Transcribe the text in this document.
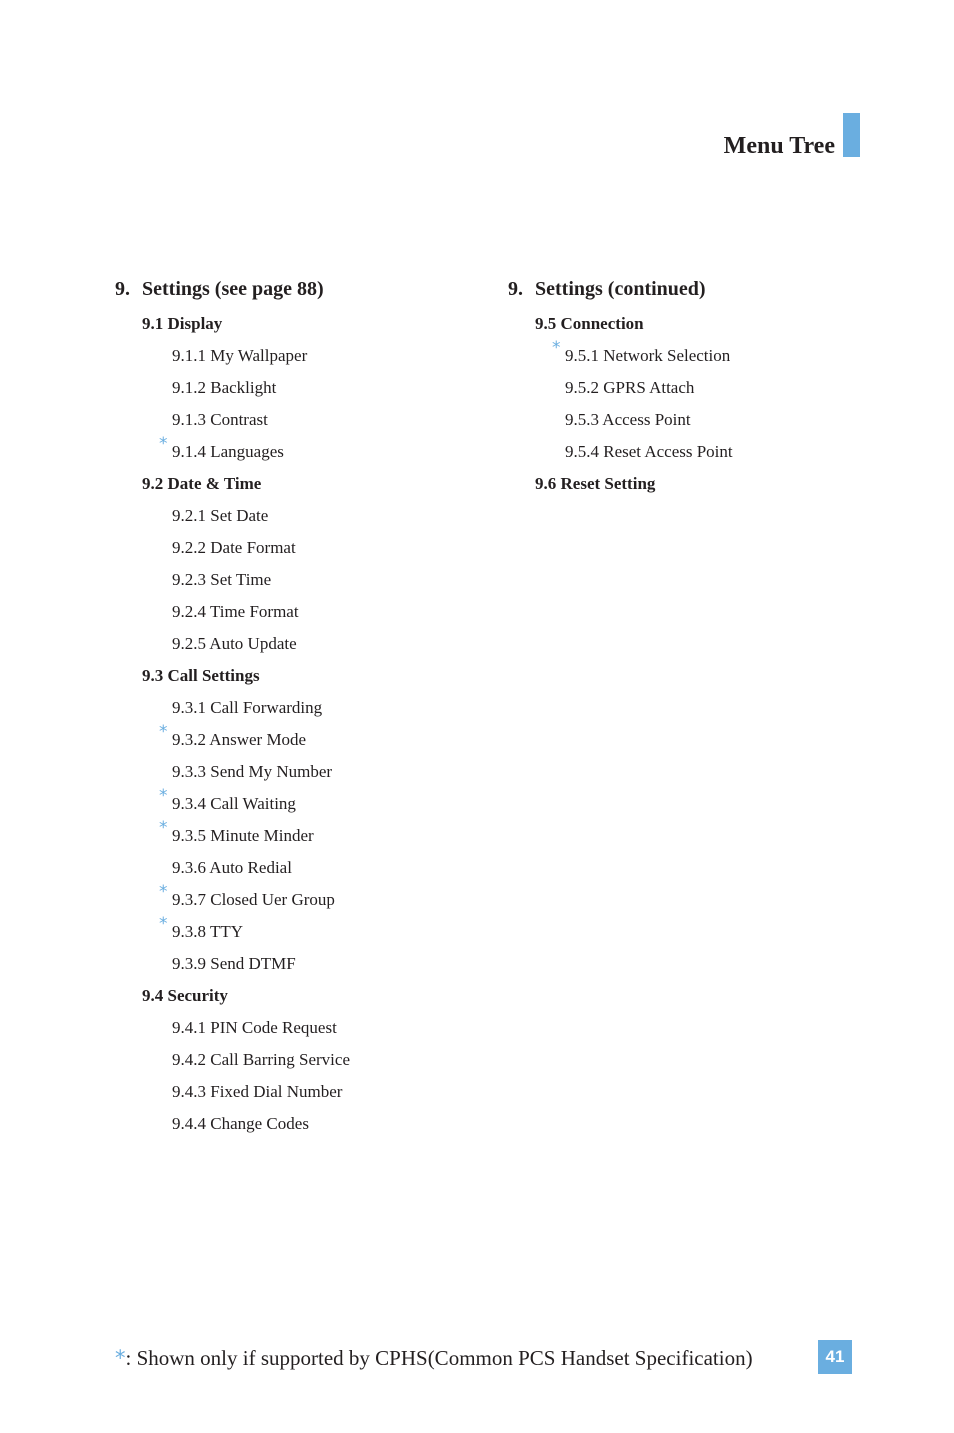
Menu Tree
9. Settings (see page 88)
9.1 Display
9.1.1 My Wallpaper
9.1.2 Backlight
9.1.3 Contrast
* 9.1.4 Languages
9.2 Date & Time
9.2.1 Set Date
9.2.2 Date Format
9.2.3 Set Time
9.2.4 Time Format
9.2.5 Auto Update
9.3 Call Settings
9.3.1 Call Forwarding
* 9.3.2 Answer Mode
9.3.3 Send My Number
* 9.3.4 Call Waiting
* 9.3.5 Minute Minder
9.3.6 Auto Redial
* 9.3.7 Closed Uer Group
* 9.3.8 TTY
9.3.9 Send DTMF
9.4 Security
9.4.1 PIN Code Request
9.4.2 Call Barring Service
9.4.3 Fixed Dial Number
9.4.4 Change Codes
9. Settings (continued)
9.5 Connection
* 9.5.1 Network Selection
9.5.2 GPRS Attach
9.5.3 Access Point
9.5.4 Reset Access Point
9.6 Reset Setting
*: Shown only if supported by CPHS(Common PCS Handset Specification)	41
